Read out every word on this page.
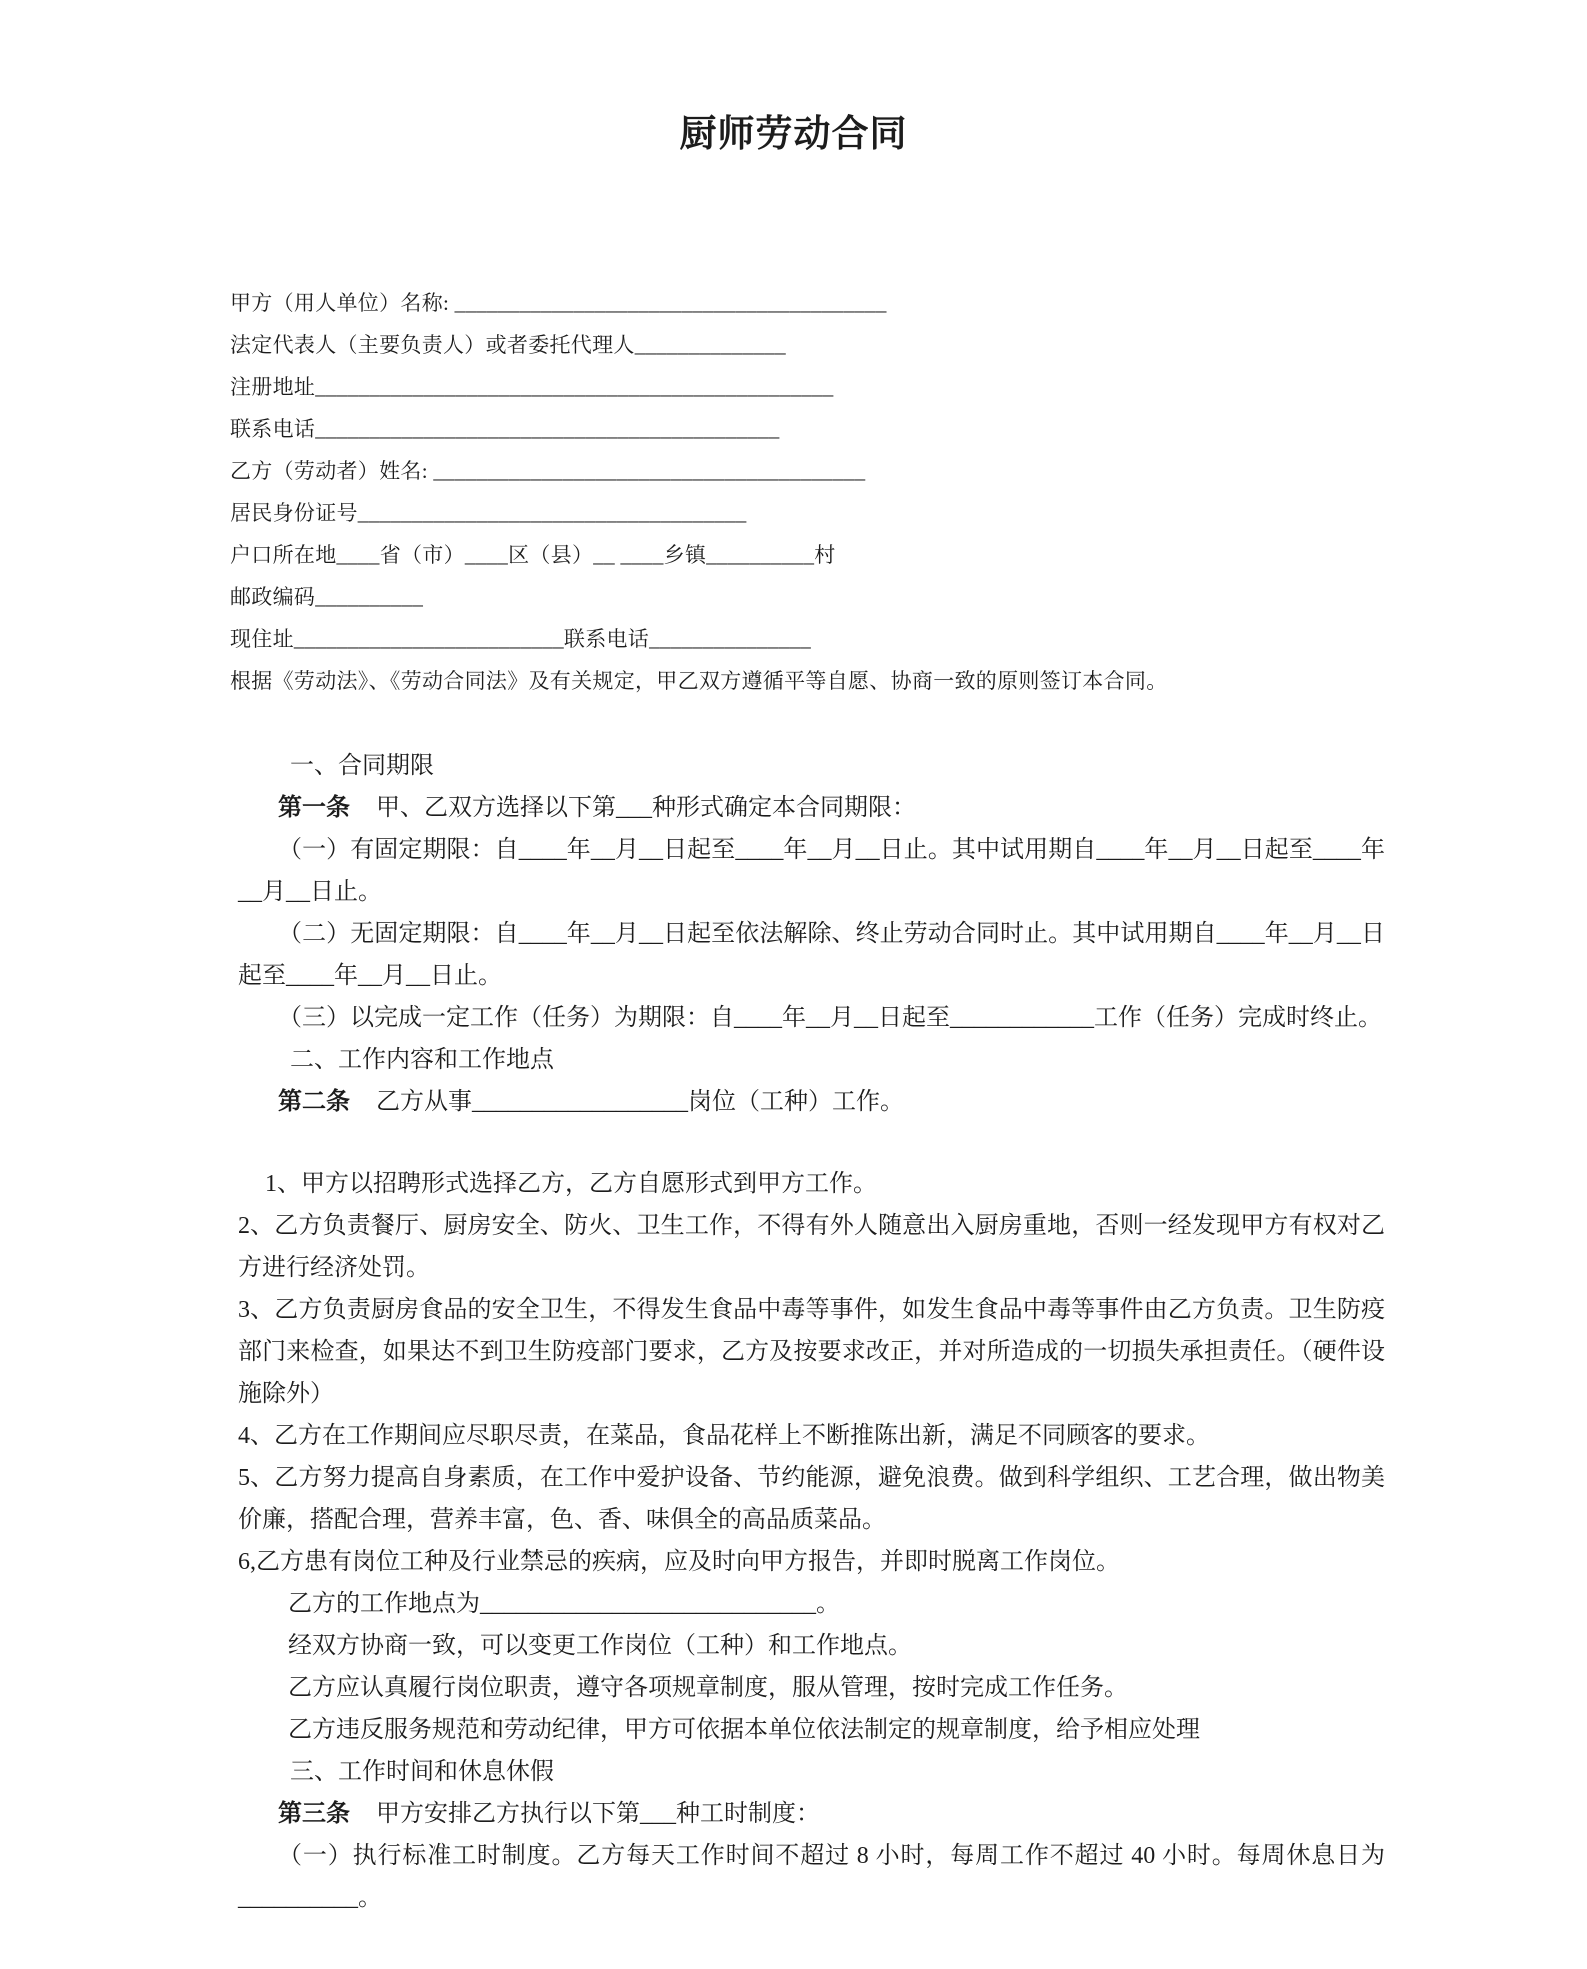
厨师劳动合同

甲方（用人单位）名称: ________________________________________

法定代表人（主要负责人）或者委托代理人______________

注册地址________________________________________________

联系电话___________________________________________

乙方（劳动者）姓名: ________________________________________

居民身份证号____________________________________

户口所在地____省（市）____区（县）__ ____乡镇__________村

邮政编码__________

现住址_________________________联系电话_______________

根据《劳动法》、《劳动合同法》及有关规定，甲乙双方遵循平等自愿、协商一致的原则签订本合同。

一、合同期限

第一条 甲、乙双方选择以下第___种形式确定本合同期限：

（一）有固定期限：自____年__月__日起至____年__月__日止。其中试用期自____年__月__日起至____年__月__日止。

（二）无固定期限：自____年__月__日起至依法解除、终止劳动合同时止。其中试用期自____年__月__日起至____年__月__日止。

（三）以完成一定工作（任务）为期限：自____年__月__日起至____________工作（任务）完成时终止。

二、工作内容和工作地点

第二条 乙方从事__________________岗位（工种）工作。

1、甲方以招聘形式选择乙方，乙方自愿形式到甲方工作。

2、乙方负责餐厅、厨房安全、防火、卫生工作，不得有外人随意出入厨房重地，否则一经发现甲方有权对乙方进行经济处罚。

3、乙方负责厨房食品的安全卫生，不得发生食品中毒等事件，如发生食品中毒等事件由乙方负责。卫生防疫部门来检查，如果达不到卫生防疫部门要求，乙方及按要求改正，并对所造成的一切损失承担责任。（硬件设施除外）

4、乙方在工作期间应尽职尽责，在菜品，食品花样上不断推陈出新，满足不同顾客的要求。

5、乙方努力提高自身素质，在工作中爱护设备、节约能源，避免浪费。做到科学组织、工艺合理，做出物美价廉，搭配合理，营养丰富，色、香、味俱全的高品质菜品。

6,乙方患有岗位工种及行业禁忌的疾病，应及时向甲方报告，并即时脱离工作岗位。

乙方的工作地点为____________________________。

经双方协商一致，可以变更工作岗位（工种）和工作地点。

乙方应认真履行岗位职责，遵守各项规章制度，服从管理，按时完成工作任务。

乙方违反服务规范和劳动纪律，甲方可依据本单位依法制定的规章制度，给予相应处理

三、工作时间和休息休假

第三条 甲方安排乙方执行以下第___种工时制度：

（一）执行标准工时制度。乙方每天工作时间不超过 8 小时，每周工作不超过 40 小时。每周休息日为__________。
